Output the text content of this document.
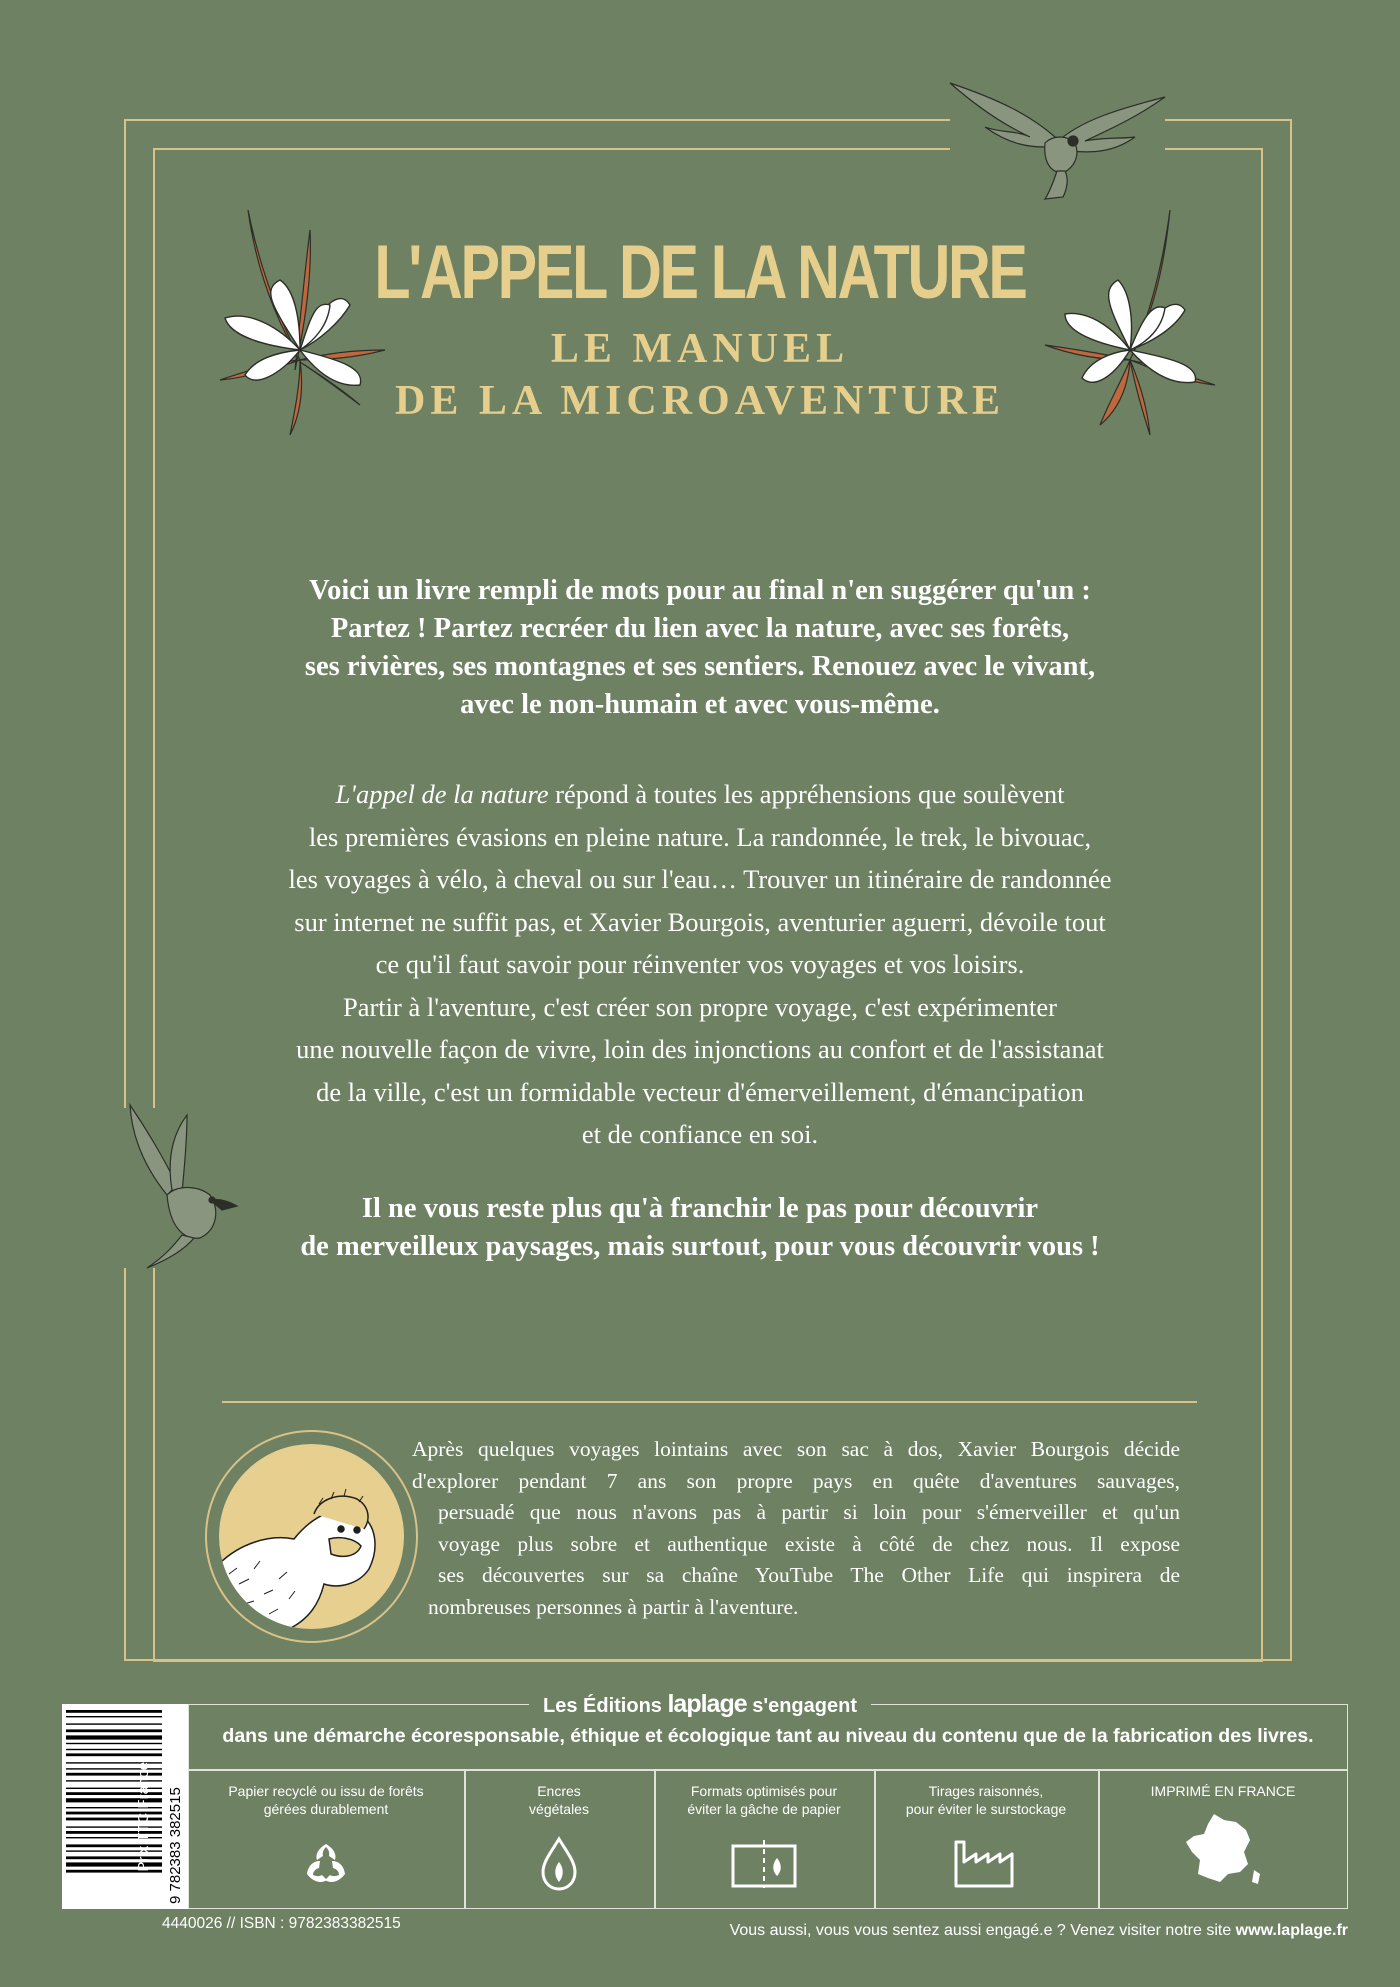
L'APPEL DE LA NATURE
LE MANUEL
DE LA MICROAVENTURE
Voici un livre rempli de mots pour au final n'en suggérer qu'un :
Partez ! Partez recréer du lien avec la nature, avec ses forêts,
ses rivières, ses montagnes et ses sentiers. Renouez avec le vivant,
avec le non-humain et avec vous-même.
L'appel de la nature répond à toutes les appréhensions que soulèvent
les premières évasions en pleine nature. La randonnée, le trek, le bivouac,
les voyages à vélo, à cheval ou sur l'eau… Trouver un itinéraire de randonnée
sur internet ne suffit pas, et Xavier Bourgois, aventurier aguerri, dévoile tout
ce qu'il faut savoir pour réinventer vos voyages et vos loisirs.
Partir à l'aventure, c'est créer son propre voyage, c'est expérimenter
une nouvelle façon de vivre, loin des injonctions au confort et de l'assistanat
de la ville, c'est un formidable vecteur d'émerveillement, d'émancipation
et de confiance en soi.
Il ne vous reste plus qu'à franchir le pas pour découvrir
de merveilleux paysages, mais surtout, pour vous découvrir vous !
Après quelques voyages lointains avec son sac à dos, Xavier Bourgois décide
d'explorer pendant 7 ans son propre pays en quête d'aventures sauvages,
persuadé que nous n'avons pas à partir si loin pour s'émerveiller et qu'un
voyage plus sobre et authentique existe à côté de chez nous. Il expose
ses découvertes sur sa chaîne YouTube The Other Life qui inspirera de
nombreuses personnes à partir à l'aventure.
9 782383 382515
30 € Prix TTC France
Les Éditions laplage s'engagent
dans une démarche écoresponsable, éthique et écologique tant au niveau du contenu que de la fabrication des livres.
Papier recyclé ou issu de forêts
gérées durablement
Encres
végétales
Formats optimisés pour
éviter la gâche de papier
Tirages raisonnés,
pour éviter le surstockage
IMPRIMÉ EN FRANCE
4440026 // ISBN : 9782383382515	Vous aussi, vous vous sentez aussi engagé.e ? Venez visiter notre site www.laplage.fr
